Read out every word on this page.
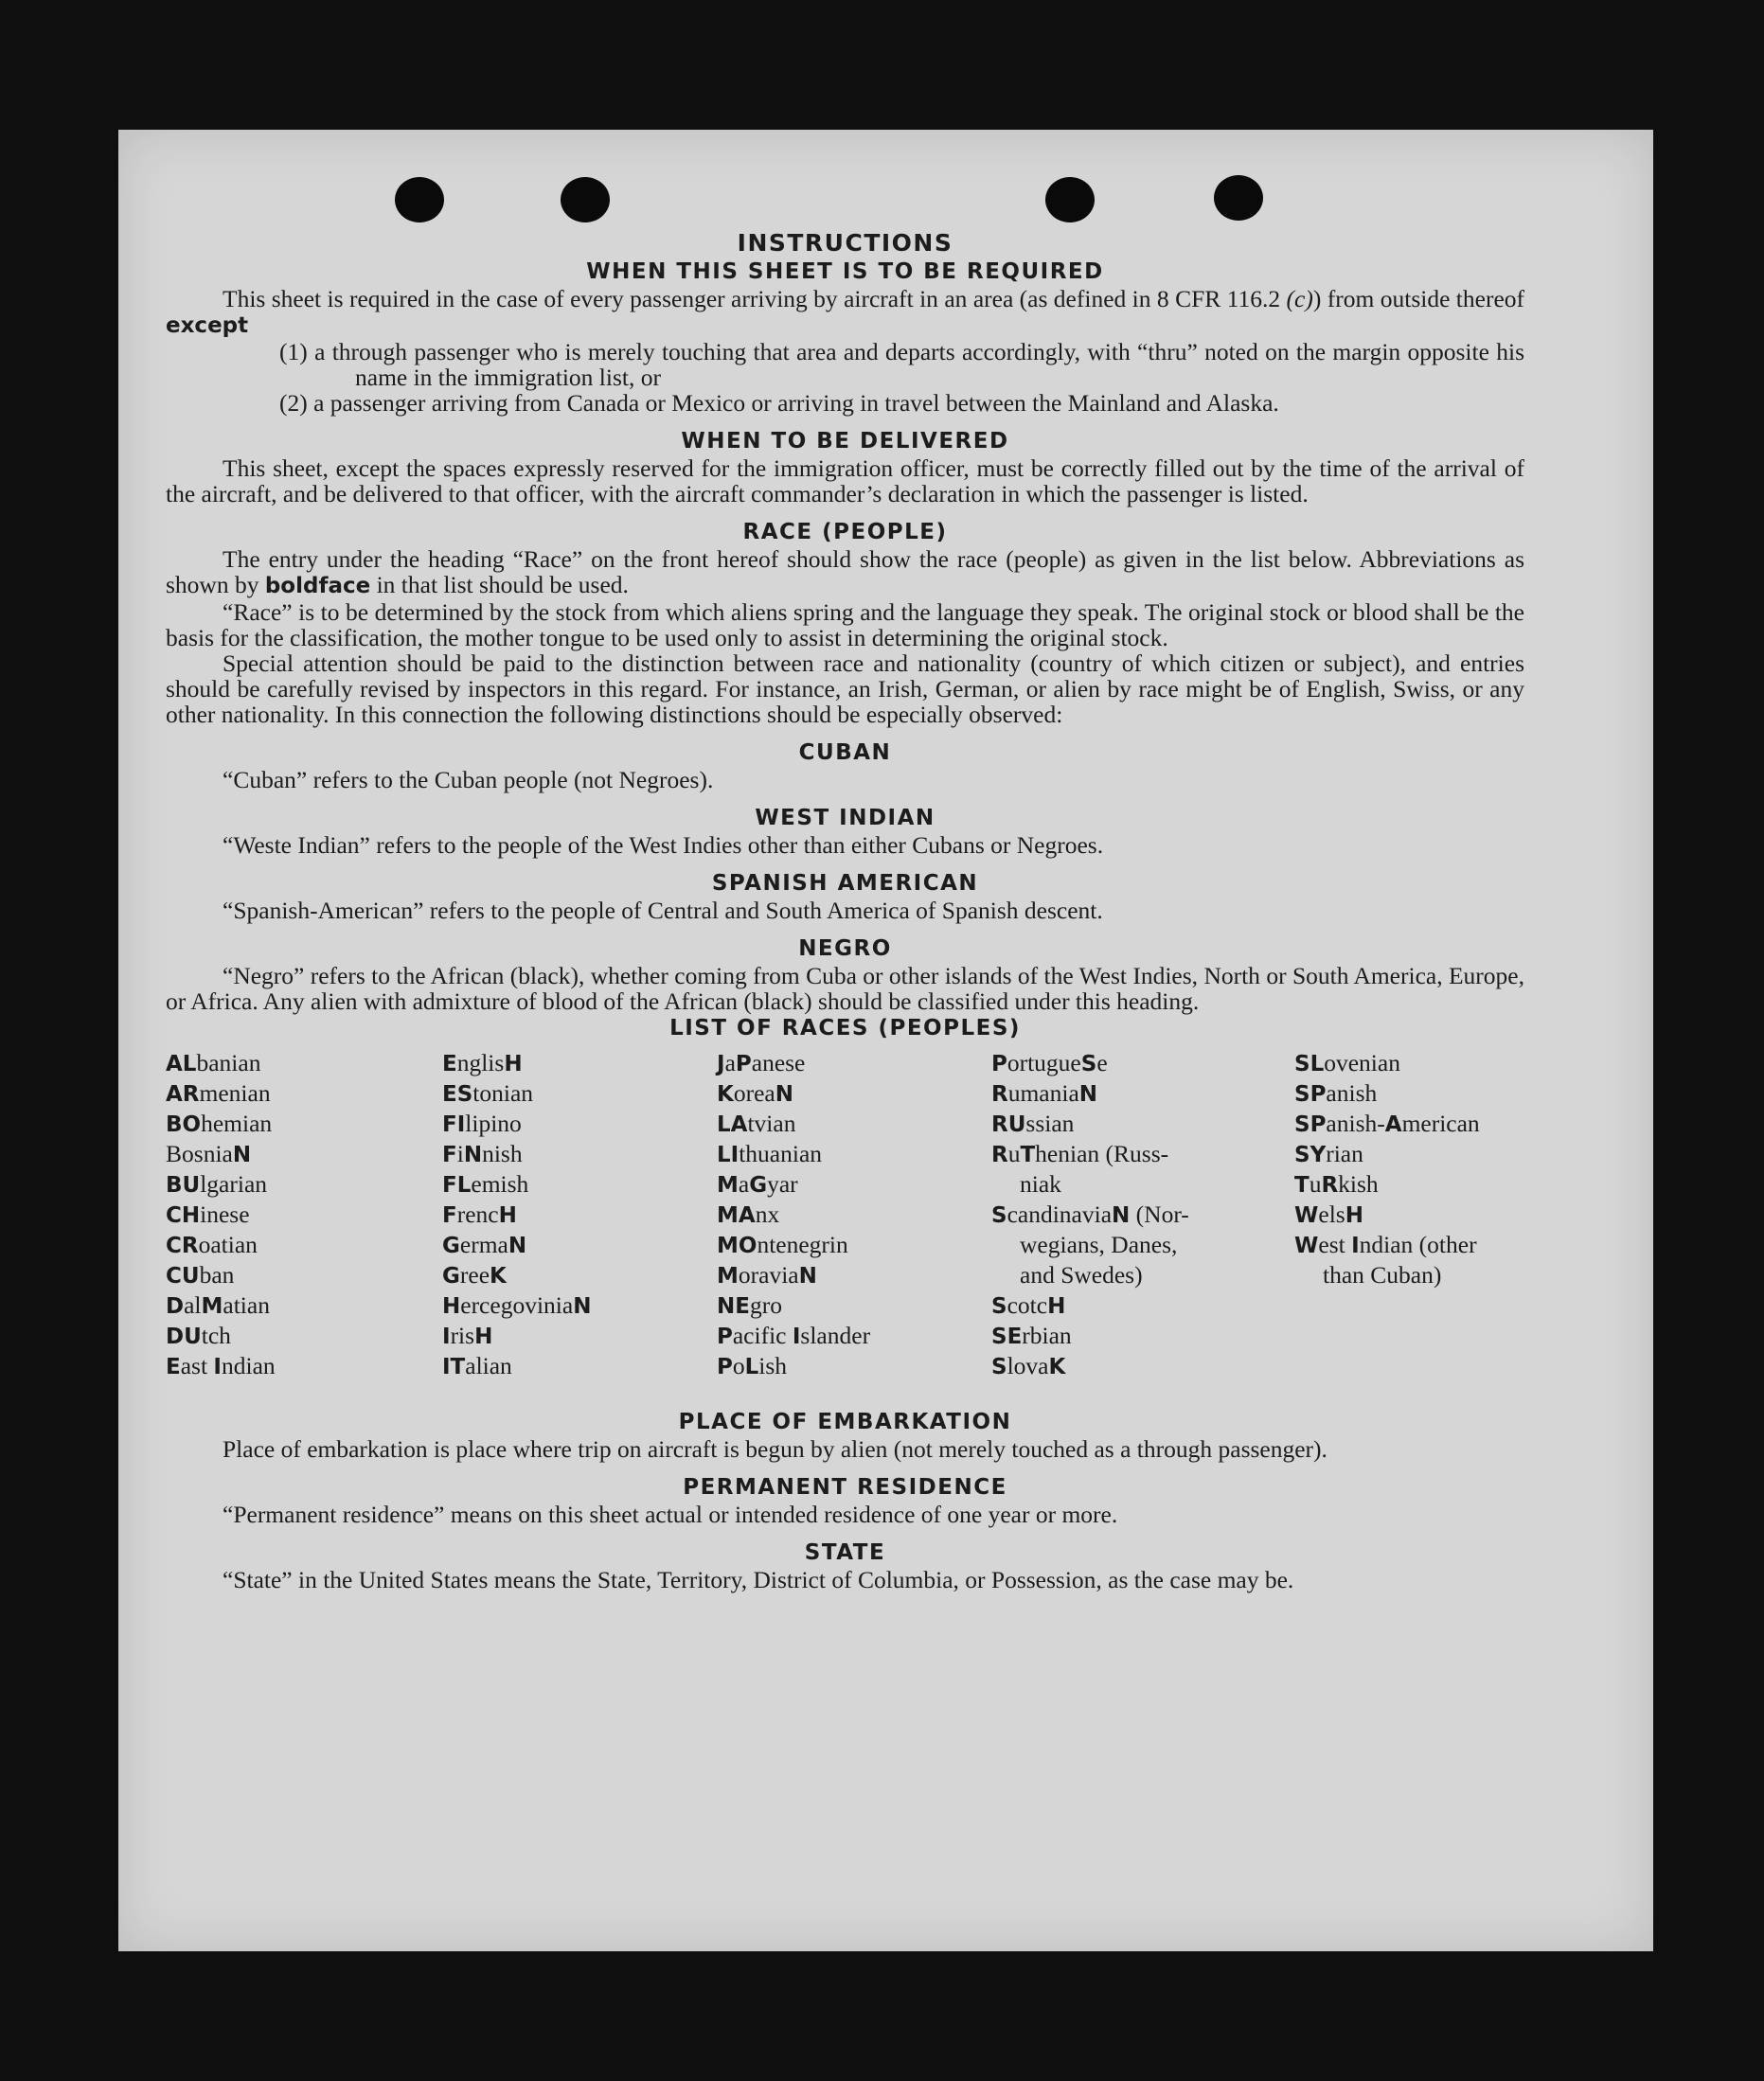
INSTRUCTIONS
WHEN THIS SHEET IS TO BE REQUIRED

This sheet is required in the case of every passenger arriving by aircraft in an area (as defined in 8 CFR 116.2 (c)) from outside thereof except

(1) a through passenger who is merely touching that area and departs accordingly, with “thru” noted on the margin opposite his name in the immigration list, or

(2) a passenger arriving from Canada or Mexico or arriving in travel between the Mainland and Alaska.

WHEN TO BE DELIVERED

This sheet, except the spaces expressly reserved for the immigration officer, must be correctly filled out by the time of the arrival of the aircraft, and be delivered to that officer, with the aircraft commander’s declaration in which the passenger is listed.

RACE (PEOPLE)

The entry under the heading “Race” on the front hereof should show the race (people) as given in the list below. Abbreviations as shown by boldface in that list should be used.

“Race” is to be determined by the stock from which aliens spring and the language they speak. The original stock or blood shall be the basis for the classification, the mother tongue to be used only to assist in determining the original stock.

Special attention should be paid to the distinction between race and nationality (country of which citizen or subject), and entries should be carefully revised by inspectors in this regard. For instance, an Irish, German, or alien by race might be of English, Swiss, or any other nationality. In this connection the following distinctions should be especially observed:

CUBAN

“Cuban” refers to the Cuban people (not Negroes).

WEST INDIAN

“Weste Indian” refers to the people of the West Indies other than either Cubans or Negroes.

SPANISH AMERICAN

“Spanish-American” refers to the people of Central and South America of Spanish descent.

NEGRO

“Negro” refers to the African (black), whether coming from Cuba or other islands of the West Indies, North or South America, Europe, or Africa. Any alien with admixture of blood of the African (black) should be classified under this heading.

LIST OF RACES (PEOPLES)
ALbanian
ARmenian
BOhemian
BosniaN
BUlgarian
CHinese
CRoatian
CUban
DalMatian
DUtch
East Indian
EnglisH
EStonian
FIlipino
FiNnish
FLemish
FrencH
GermaN
GreeK
HercegoviniaN
IrisH
ITalian
JaPanese
KoreaN
LAtvian
LIthuanian
MaGyar
MAnx
MOntenegrin
MoraviaN
NEgro
Pacific Islander
PoLish
PortugueSe
RumaniaN
RUssian
RuThenian (Russ-
niak
ScandinaviaN (Nor-
wegians, Danes,
and Swedes)
ScotcH
SErbian
SlovaK
SLovenian
SPanish
SPanish-American
SYrian
TuRkish
WelsH
West Indian (other
than Cuban)
PLACE OF EMBARKATION

Place of embarkation is place where trip on aircraft is begun by alien (not merely touched as a through passenger).

PERMANENT RESIDENCE

“Permanent residence” means on this sheet actual or intended residence of one year or more.

STATE

“State” in the United States means the State, Territory, District of Columbia, or Possession, as the case may be.
